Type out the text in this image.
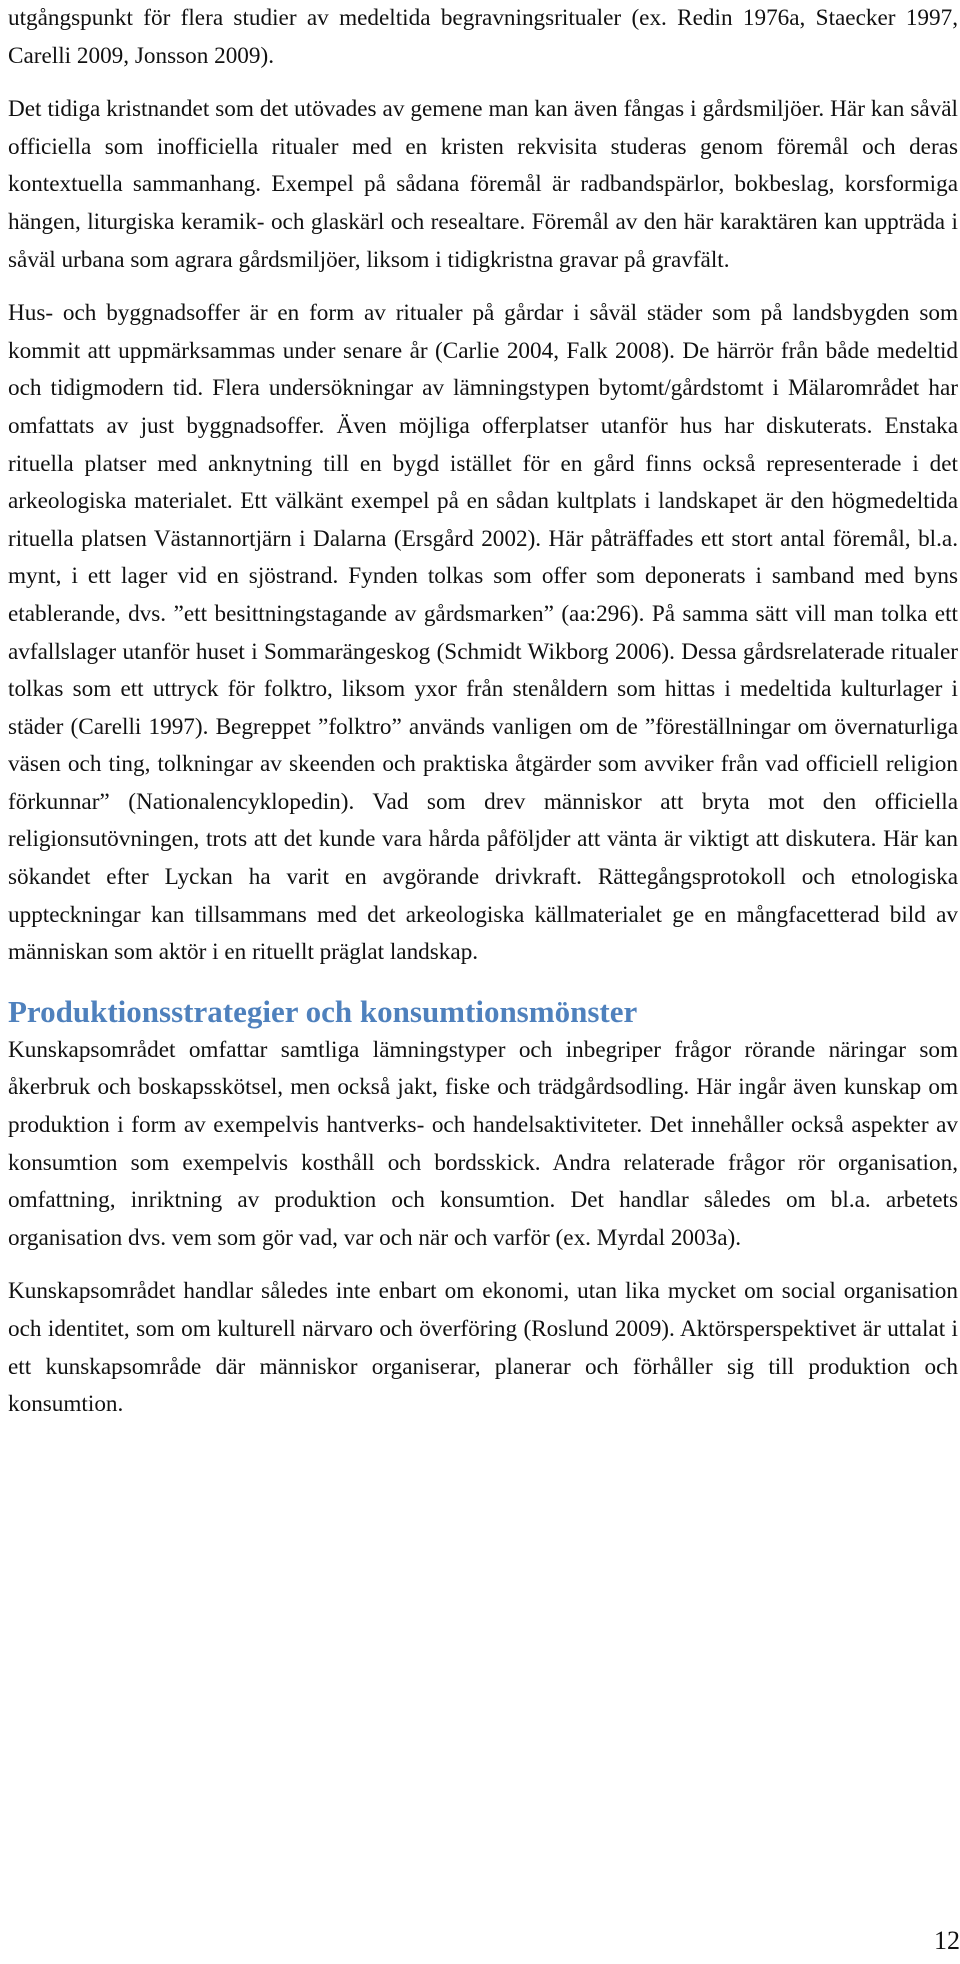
utgångspunkt för flera studier av medeltida begravningsritualer (ex. Redin 1976a, Staecker 1997, Carelli 2009, Jonsson 2009).

Det tidiga kristnandet som det utövades av gemene man kan även fångas i gårdsmiljöer. Här kan såväl officiella som inofficiella ritualer med en kristen rekvisita studeras genom föremål och deras kontextuella sammanhang. Exempel på sådana föremål är radbandspärlor, bokbeslag, korsformiga hängen, liturgiska keramik- och glaskärl och resealtare. Föremål av den här karaktären kan uppträda i såväl urbana som agrara gårdsmiljöer, liksom i tidigkristna gravar på gravfält.

Hus- och byggnadsoffer är en form av ritualer på gårdar i såväl städer som på landsbygden som kommit att uppmärksammas under senare år (Carlie 2004, Falk 2008). De härrör från både medeltid och tidigmodern tid. Flera undersökningar av lämningstypen bytomt/gårdstomt i Mälarområdet har omfattats av just byggnadsoffer. Även möjliga offerplatser utanför hus har diskuterats. Enstaka rituella platser med anknytning till en bygd istället för en gård finns också representerade i det arkeologiska materialet. Ett välkänt exempel på en sådan kultplats i landskapet är den högmedeltida rituella platsen Västannortjärn i Dalarna (Ersgård 2002). Här påträffades ett stort antal föremål, bl.a. mynt, i ett lager vid en sjöstrand. Fynden tolkas som offer som deponerats i samband med byns etablerande, dvs. ”ett besittningstagande av gårdsmarken” (aa:296). På samma sätt vill man tolka ett avfallslager utanför huset i Sommarängeskog (Schmidt Wikborg 2006). Dessa gårdsrelaterade ritualer tolkas som ett uttryck för folktro, liksom yxor från stenåldern som hittas i medeltida kulturlager i städer (Carelli 1997). Begreppet ”folktro” används vanligen om de ”föreställningar om övernaturliga väsen och ting, tolkningar av skeenden och praktiska åtgärder som avviker från vad officiell religion förkunnar” (Nationalencyklopedin). Vad som drev människor att bryta mot den officiella religionsutövningen, trots att det kunde vara hårda påföljder att vänta är viktigt att diskutera. Här kan sökandet efter Lyckan ha varit en avgörande drivkraft. Rättegångsprotokoll och etnologiska uppteckningar kan tillsammans med det arkeologiska källmaterialet ge en mångfacetterad bild av människan som aktör i en rituellt präglat landskap.

Produktionsstrategier och konsumtionsmönster

Kunskapsområdet omfattar samtliga lämningstyper och inbegriper frågor rörande näringar som åkerbruk och boskapsskötsel, men också jakt, fiske och trädgårdsodling. Här ingår även kunskap om produktion i form av exempelvis hantverks- och handelsaktiviteter. Det innehåller också aspekter av konsumtion som exempelvis kosthåll och bordsskick. Andra relaterade frågor rör organisation, omfattning, inriktning av produktion och konsumtion. Det handlar således om bl.a. arbetets organisation dvs. vem som gör vad, var och när och varför (ex. Myrdal 2003a).

Kunskapsområdet handlar således inte enbart om ekonomi, utan lika mycket om social organisation och identitet, som om kulturell närvaro och överföring (Roslund 2009). Aktörsperspektivet är uttalat i ett kunskapsområde där människor organiserar, planerar och förhåller sig till produktion och konsumtion.

12
